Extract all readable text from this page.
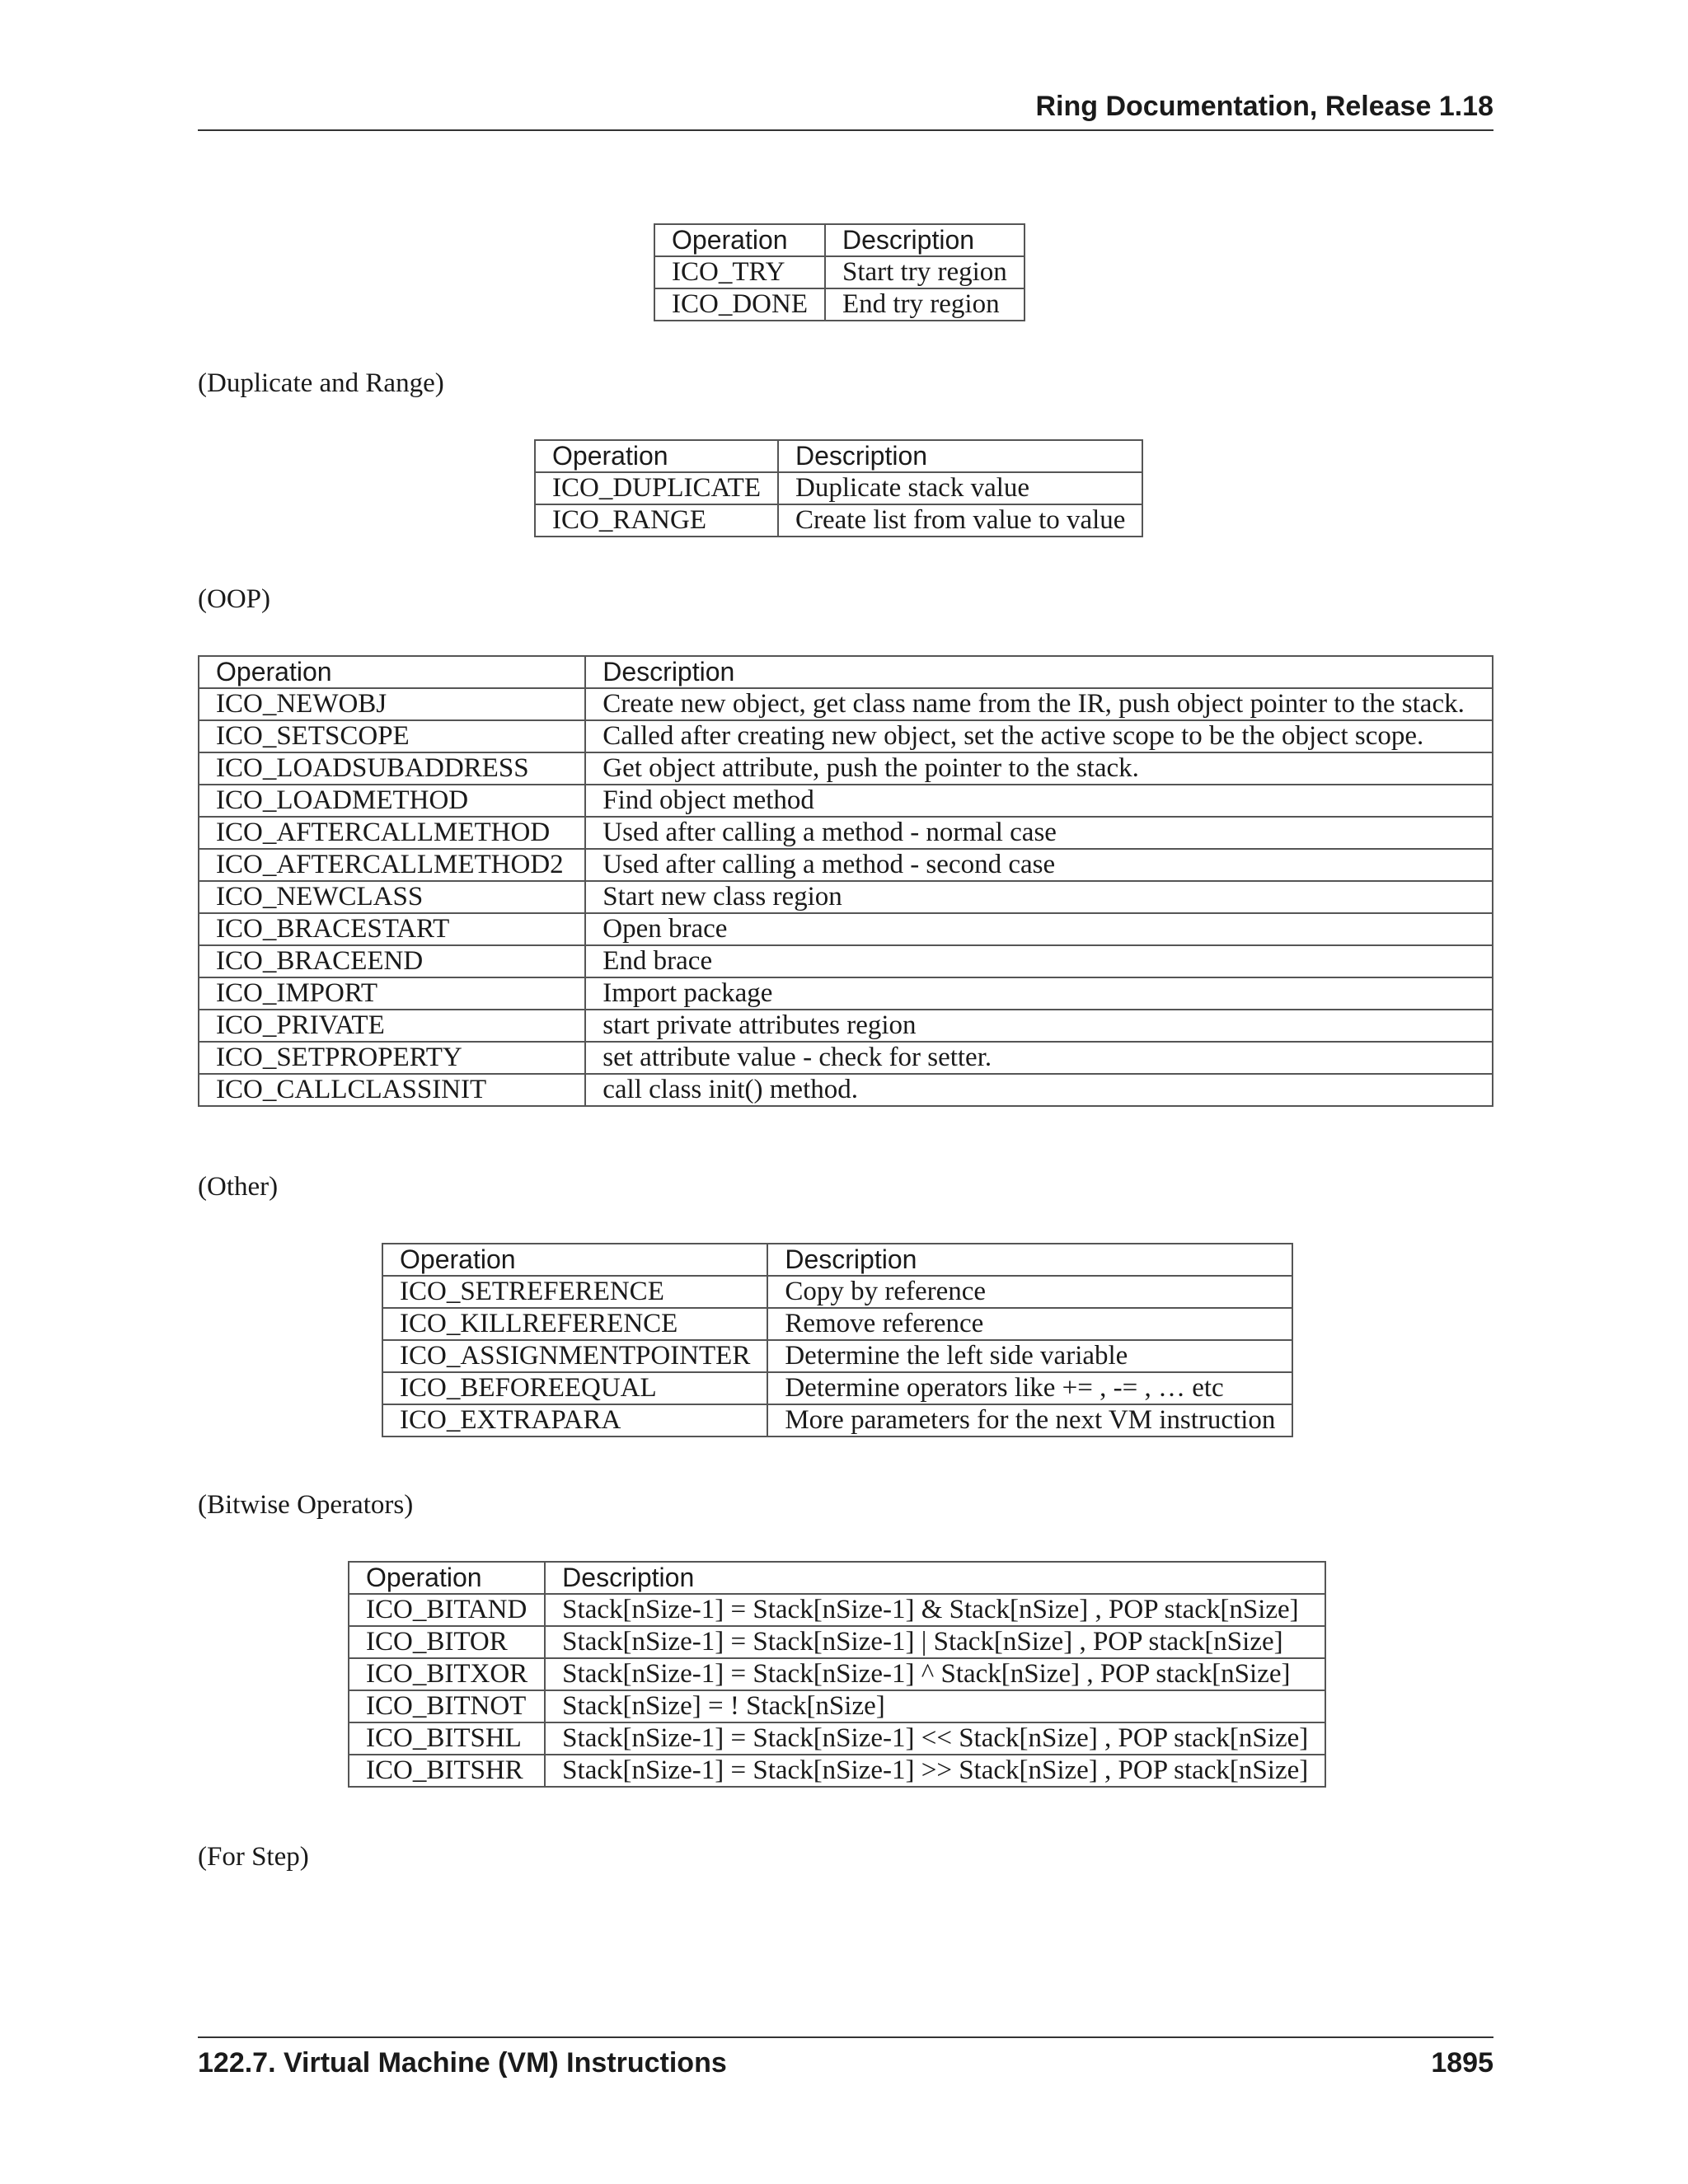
Ring Documentation, Release 1.18
Operation	Description
ICO_TRY	Start try region
ICO_DONE	End try region
(Duplicate and Range)
Operation	Description
ICO_DUPLICATE	Duplicate stack value
ICO_RANGE	Create list from value to value
(OOP)
Operation	Description
ICO_NEWOBJ	Create new object, get class name from the IR, push object pointer to the stack.
ICO_SETSCOPE	Called after creating new object, set the active scope to be the object scope.
ICO_LOADSUBADDRESS	Get object attribute, push the pointer to the stack.
ICO_LOADMETHOD	Find object method
ICO_AFTERCALLMETHOD	Used after calling a method - normal case
ICO_AFTERCALLMETHOD2	Used after calling a method - second case
ICO_NEWCLASS	Start new class region
ICO_BRACESTART	Open brace
ICO_BRACEEND	End brace
ICO_IMPORT	Import package
ICO_PRIVATE	start private attributes region
ICO_SETPROPERTY	set attribute value - check for setter.
ICO_CALLCLASSINIT	call class init() method.
(Other)
Operation	Description
ICO_SETREFERENCE	Copy by reference
ICO_KILLREFERENCE	Remove reference
ICO_ASSIGNMENTPOINTER	Determine the left side variable
ICO_BEFOREEQUAL	Determine operators like += , -= , … etc
ICO_EXTRAPARA	More parameters for the next VM instruction
(Bitwise Operators)
Operation	Description
ICO_BITAND	Stack[nSize-1] = Stack[nSize-1] & Stack[nSize] , POP stack[nSize]
ICO_BITOR	Stack[nSize-1] = Stack[nSize-1] | Stack[nSize] , POP stack[nSize]
ICO_BITXOR	Stack[nSize-1] = Stack[nSize-1] ^ Stack[nSize] , POP stack[nSize]
ICO_BITNOT	Stack[nSize] = ! Stack[nSize]
ICO_BITSHL	Stack[nSize-1] = Stack[nSize-1] << Stack[nSize] , POP stack[nSize]
ICO_BITSHR	Stack[nSize-1] = Stack[nSize-1] >> Stack[nSize] , POP stack[nSize]
(For Step)
122.7. Virtual Machine (VM) Instructions	1895
